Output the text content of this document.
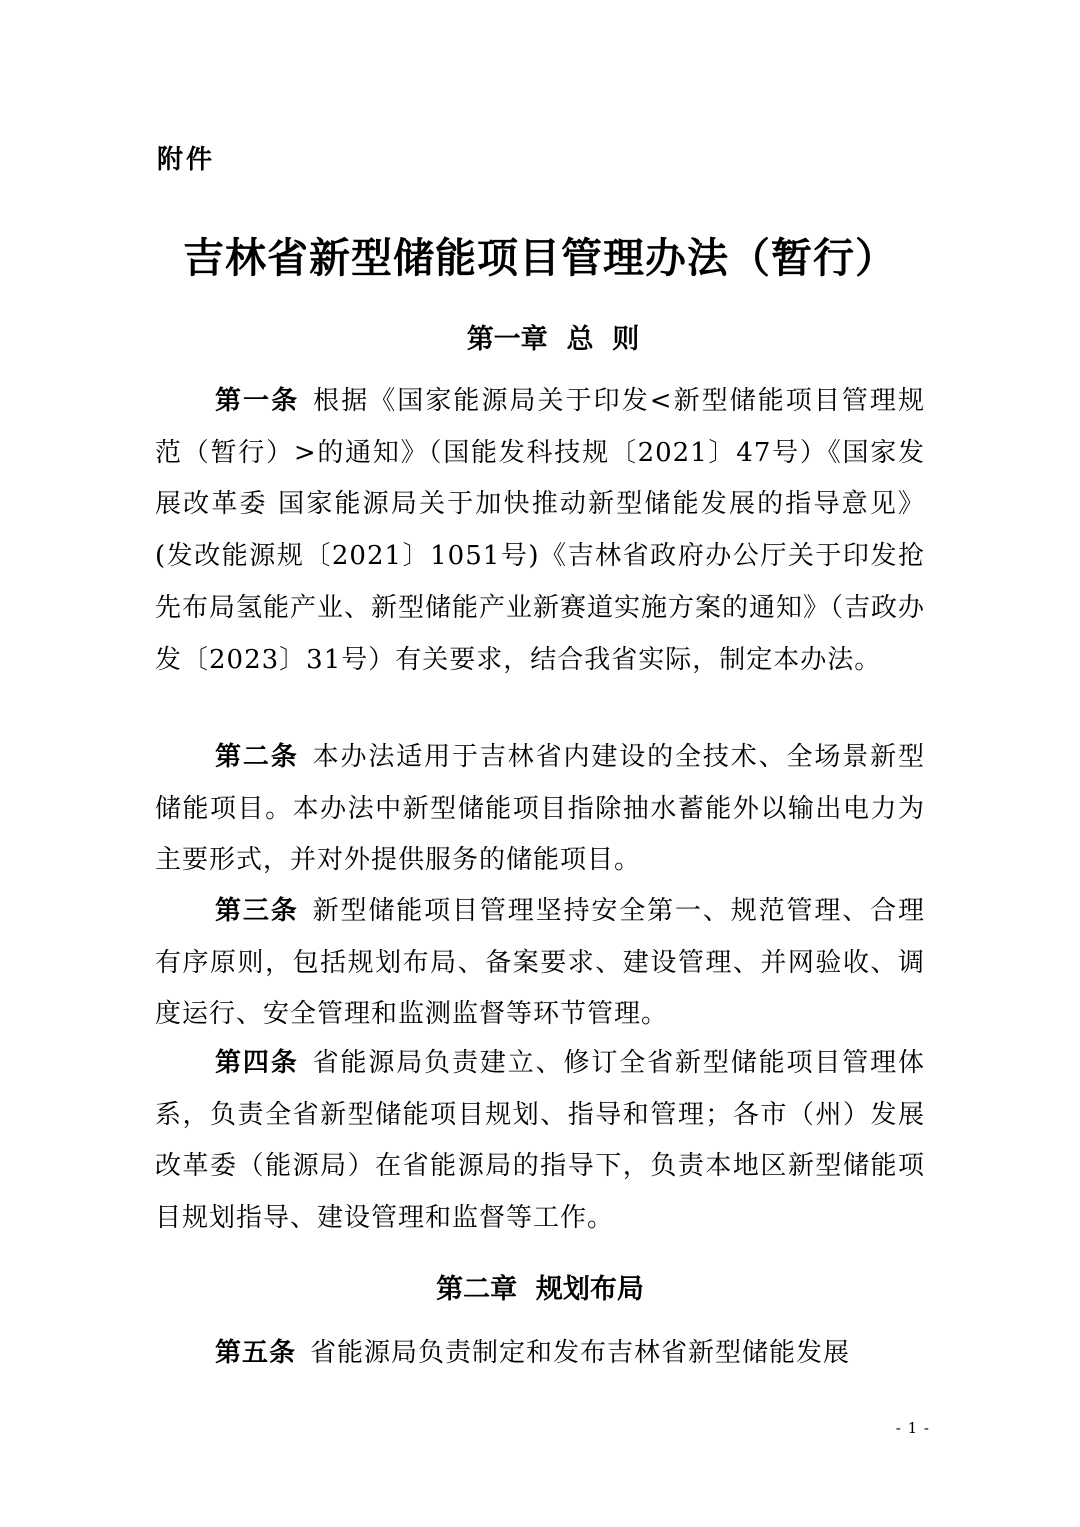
附件
吉林省新型储能项目管理办法（暂行）
第一章  总  则

第一条 根据《国家能源局关于印发<新型储能项目管理规范（暂行）>的通知》（国能发科技规〔2021〕47号）《国家发展改革委 国家能源局关于加快推动新型储能发展的指导意见》(发改能源规〔2021〕1051号)《吉林省政府办公厅关于印发抢先布局氢能产业、新型储能产业新赛道实施方案的通知》（吉政办发〔2023〕31号）有关要求，结合我省实际，制定本办法。

第二条 本办法适用于吉林省内建设的全技术、全场景新型储能项目。本办法中新型储能项目指除抽水蓄能外以输出电力为主要形式，并对外提供服务的储能项目。

第三条 新型储能项目管理坚持安全第一、规范管理、合理有序原则，包括规划布局、备案要求、建设管理、并网验收、调度运行、安全管理和监测监督等环节管理。

第四条 省能源局负责建立、修订全省新型储能项目管理体系，负责全省新型储能项目规划、指导和管理；各市（州）发展改革委（能源局）在省能源局的指导下，负责本地区新型储能项目规划指导、建设管理和监督等工作。

第二章  规划布局

第五条 省能源局负责制定和发布吉林省新型储能发展

- 1 -
